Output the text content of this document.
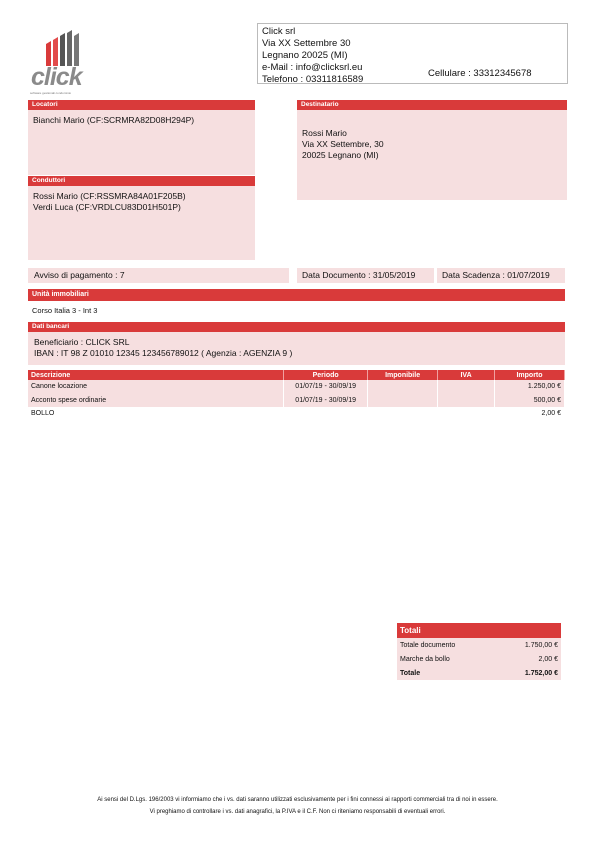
click
software gestionali condominio
Click srl
Via XX Settembre 30
Legnano 20025 (MI)
e-Mail : info@clicksrl.eu
Telefono : 03311816589
Cellulare : 33312345678
Locatori
Bianchi Mario (CF:SCRMRA82D08H294P)
Conduttori
Rossi Mario (CF:RSSMRA84A01F205B)
Verdi Luca (CF:VRDLCU83D01H501P)
Destinatario
Rossi Mario
Via XX Settembre, 30
20025 Legnano (MI)
Avviso di pagamento : 7	Data Documento : 31/05/2019	Data Scadenza : 01/07/2019
Unità immobiliari
Corso Italia 3 - Int 3
Dati bancari
Beneficiario : CLICK SRL
IBAN : IT 98 Z 01010 12345 123456789012 ( Agenzia : AGENZIA 9 )
Descrizione	Periodo	Imponibile	IVA	Importo
Canone locazione	01/07/19 - 30/09/19			1.250,00 €
Acconto spese ordinarie	01/07/19 - 30/09/19			500,00 €
BOLLO				2,00 €
Totali	
Totale documento	1.750,00 €
Marche da bollo	2,00 €
Totale	1.752,00 €
Ai sensi del D.Lgs. 196/2003 vi informiamo che i vs. dati saranno utilizzati esclusivamente per i fini connessi ai rapporti commerciali tra di noi in essere.
Vi preghiamo di controllare i vs. dati anagrafici, la P.IVA e il C.F. Non ci riteniamo responsabili di eventuali errori.
